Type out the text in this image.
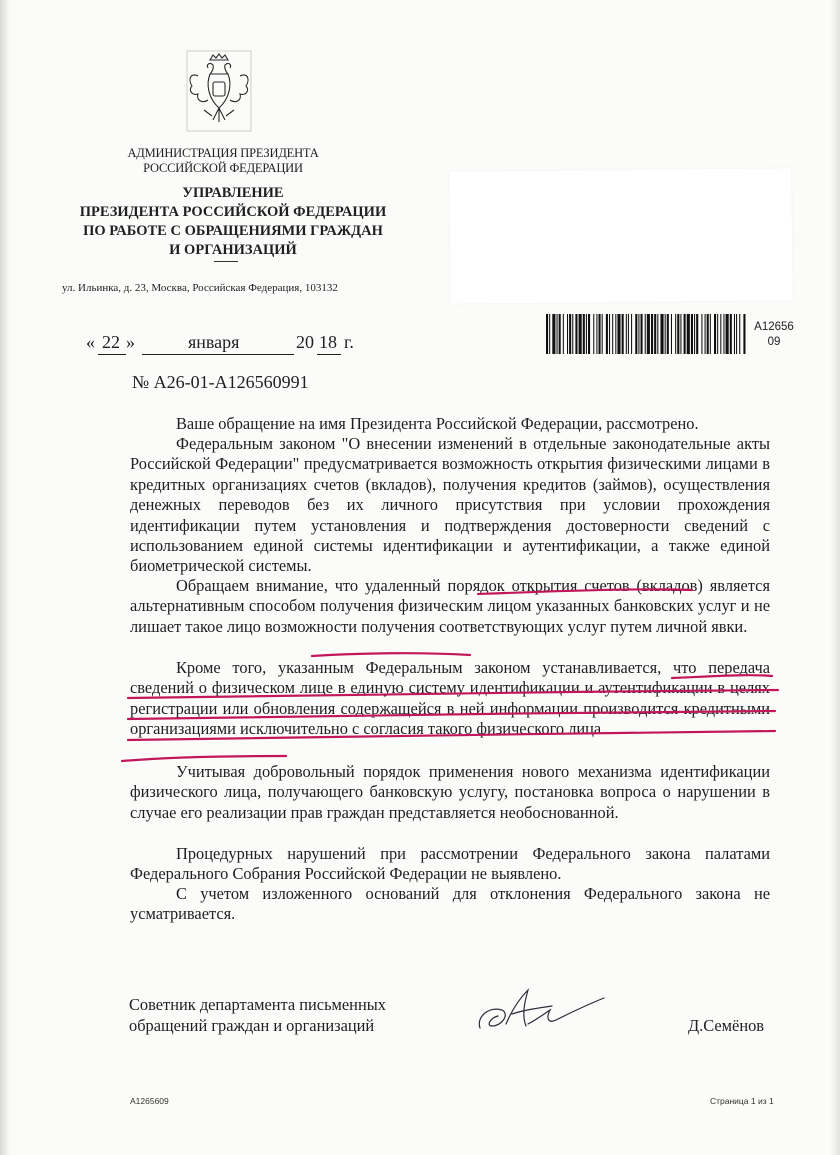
АДМИНИСТРАЦИЯ ПРЕЗИДЕНТА
РОССИЙСКОЙ ФЕДЕРАЦИИ
УПРАВЛЕНИЕ
ПРЕЗИДЕНТА РОССИЙСКОЙ ФЕДЕРАЦИИ
ПО РАБОТЕ С ОБРАЩЕНИЯМИ ГРАЖДАН
И ОРГАНИЗАЦИЙ
ул. Ильинка, д. 23, Москва, Российская Федерация, 103132
А12656
09
« 22 »	января	20 18 г.
№ А26-01-А126560991
Ваше обращение на имя Президента Российской Федерации, рассмотрено.
Федеральным законом "О внесении изменений в отдельные законодательные акты Российской Федерации" предусматривается возможность открытия физическими лицами в кредитных организациях счетов (вкладов), получения кредитов (займов), осуществления денежных переводов без их личного присутствия при условии прохождения идентификации путем установления и подтверждения достоверности сведений с использованием единой системы идентификации и аутентификации, а также единой биометрической системы.
Обращаем внимание, что удаленный порядок открытия счетов (вкладов) является альтернативным способом получения физическим лицом указанных банковских услуг и не лишает такое лицо возможности получения соответствующих услуг путем личной явки.
Кроме того, указанным Федеральным законом устанавливается, что передача сведений о физическом лице в единую систему идентификации и аутентификации в целях регистрации или обновления содержащейся в ней информации производится кредитными организациями исключительно с согласия такого физического лица.
Учитывая добровольный порядок применения нового механизма идентификации физического лица, получающего банковскую услугу, постановка вопроса о нарушении в случае его реализации прав граждан представляется необоснованной.
Процедурных нарушений при рассмотрении Федерального закона палатами Федерального Собрания Российской Федерации не выявлено.
С учетом изложенного оснований для отклонения Федерального закона не усматривается.
Советник департамента письменных
обращений граждан и организаций	Д.Семёнов
А1265609	Страница 1 из 1
